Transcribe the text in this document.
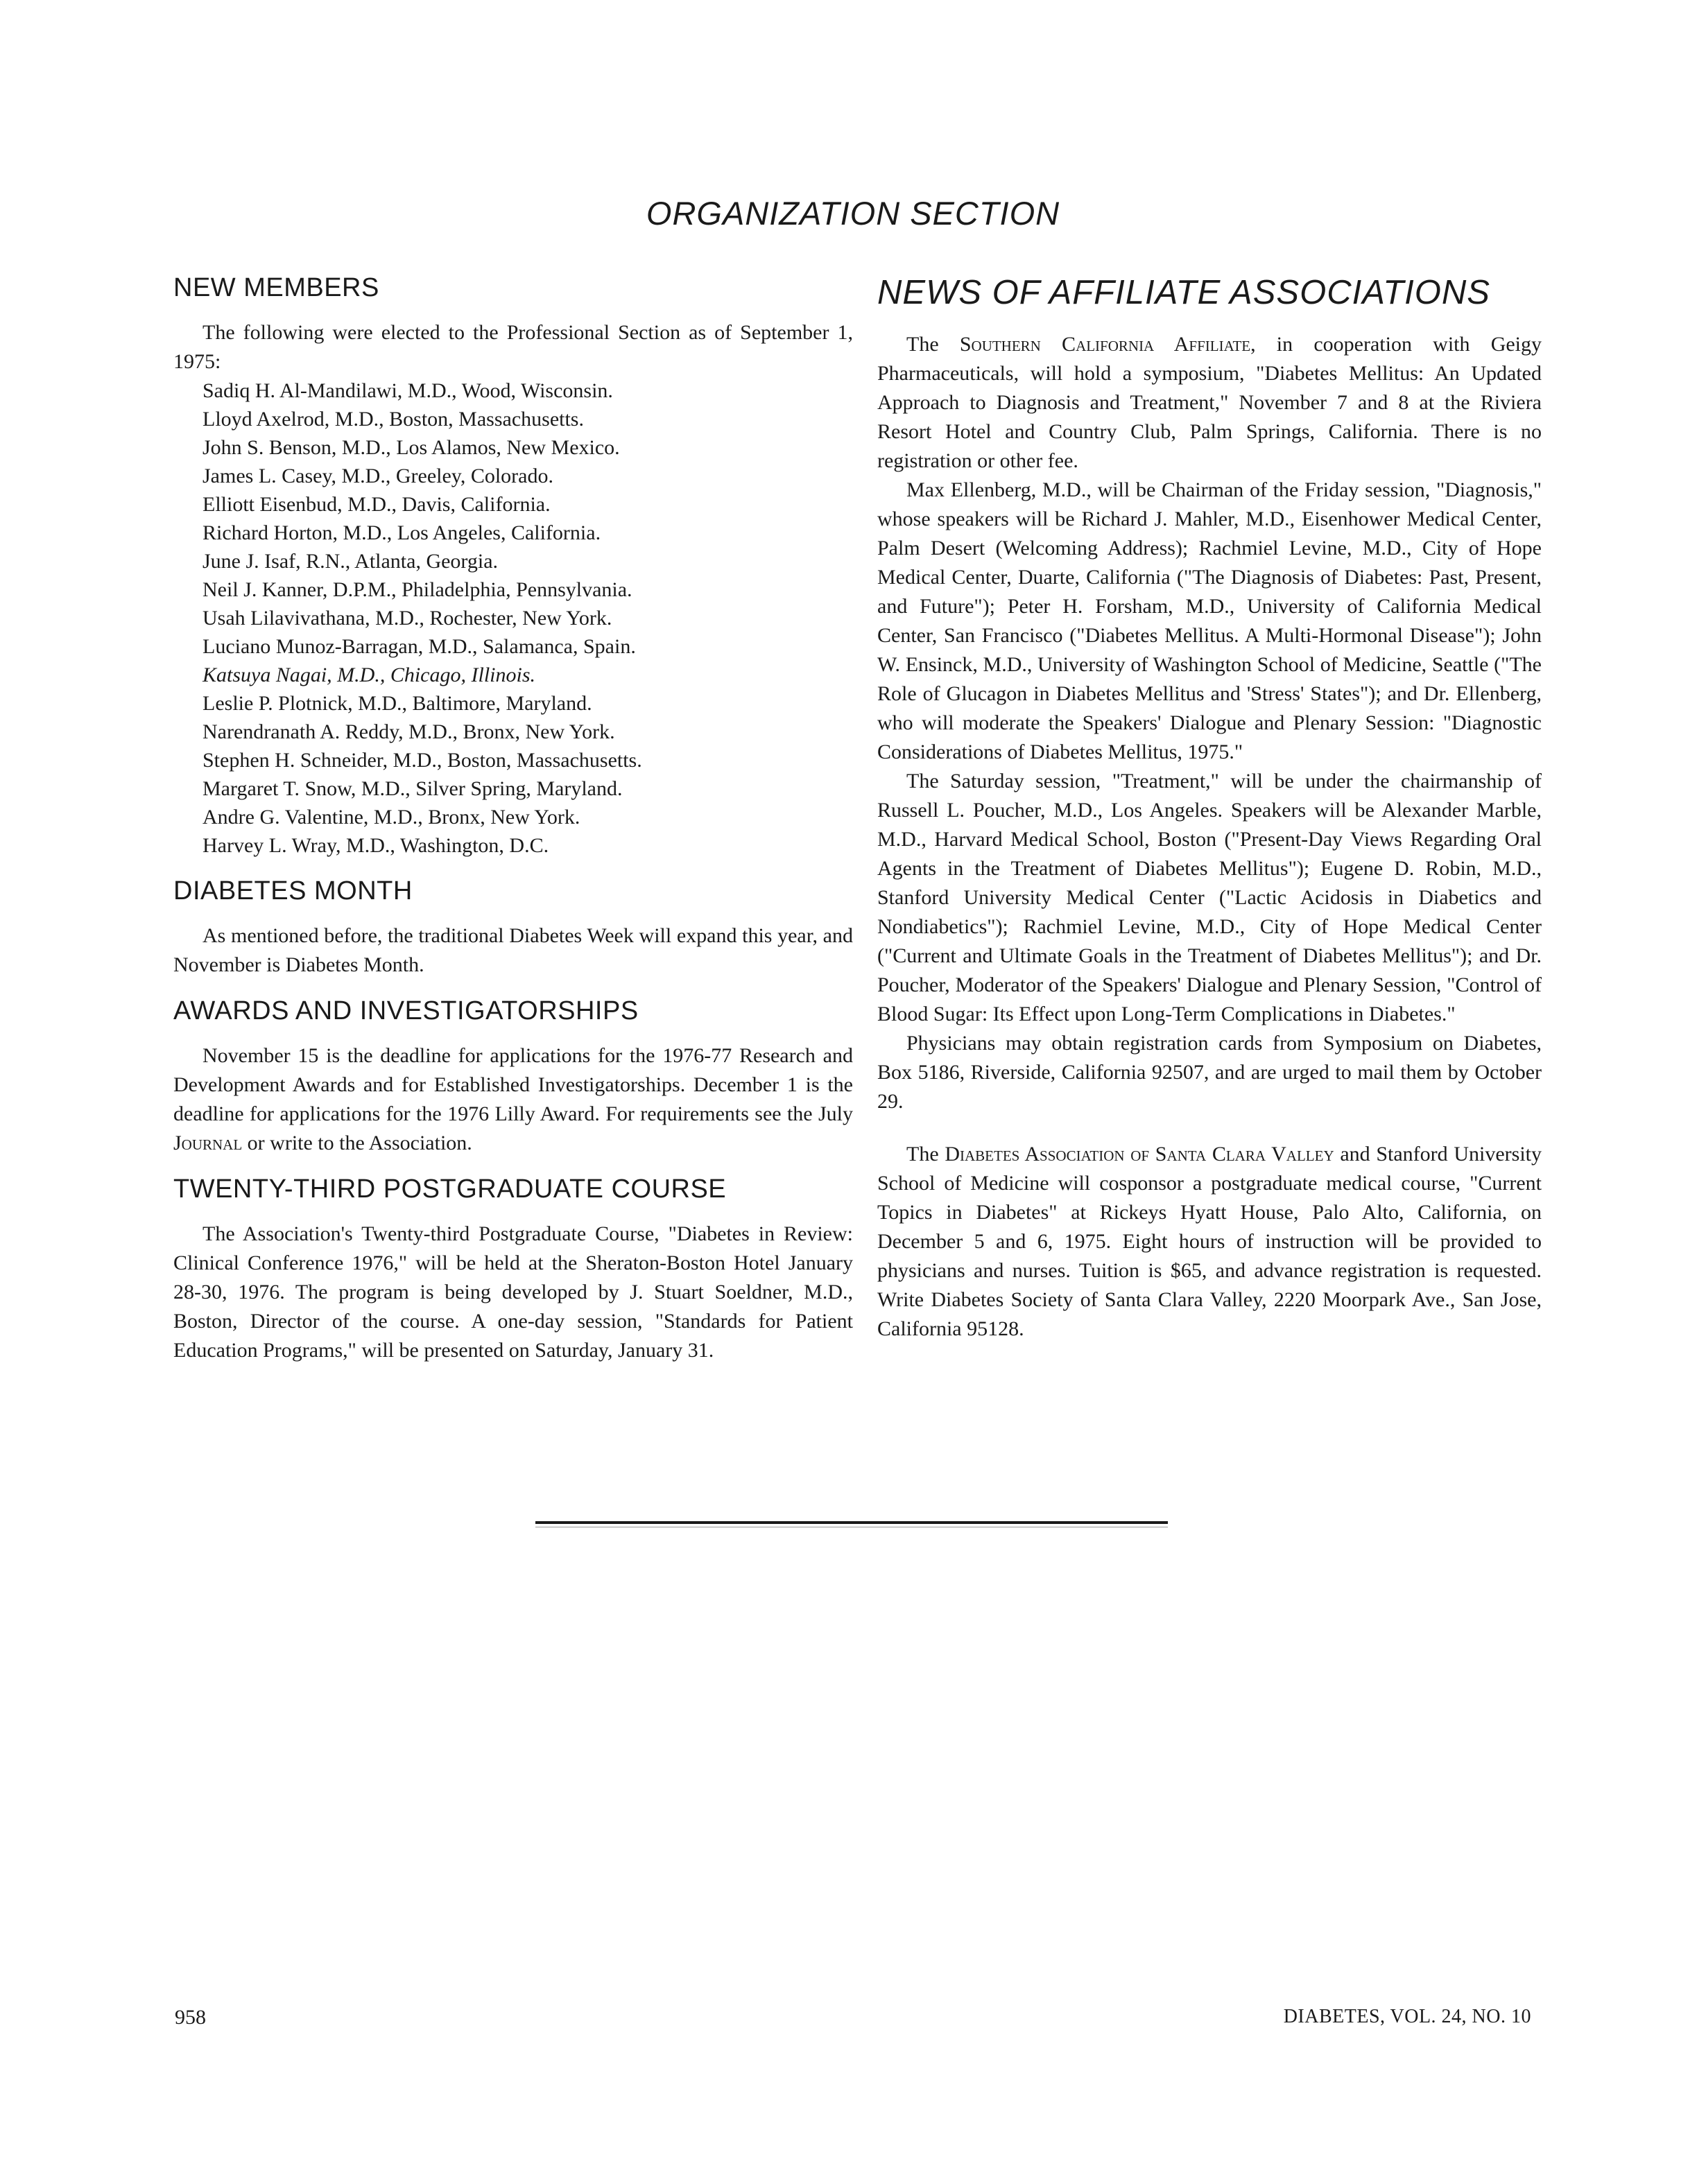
ORGANIZATION SECTION
NEW MEMBERS

The following were elected to the Professional Section as of September 1, 1975:

Sadiq H. Al-Mandilawi, M.D., Wood, Wisconsin.
Lloyd Axelrod, M.D., Boston, Massachusetts.
John S. Benson, M.D., Los Alamos, New Mexico.
James L. Casey, M.D., Greeley, Colorado.
Elliott Eisenbud, M.D., Davis, California.
Richard Horton, M.D., Los Angeles, California.
June J. Isaf, R.N., Atlanta, Georgia.
Neil J. Kanner, D.P.M., Philadelphia, Pennsylvania.
Usah Lilavivathana, M.D., Rochester, New York.
Luciano Munoz-Barragan, M.D., Salamanca, Spain.
Katsuya Nagai, M.D., Chicago, Illinois.
Leslie P. Plotnick, M.D., Baltimore, Maryland.
Narendranath A. Reddy, M.D., Bronx, New York.
Stephen H. Schneider, M.D., Boston, Massachusetts.
Margaret T. Snow, M.D., Silver Spring, Maryland.
Andre G. Valentine, M.D., Bronx, New York.
Harvey L. Wray, M.D., Washington, D.C.
DIABETES MONTH

As mentioned before, the traditional Diabetes Week will expand this year, and November is Diabetes Month.

AWARDS AND INVESTIGATORSHIPS

November 15 is the deadline for applications for the 1976-77 Research and Development Awards and for Established Investigatorships. December 1 is the deadline for applications for the 1976 Lilly Award. For requirements see the July Journal or write to the Association.

TWENTY-THIRD POSTGRADUATE COURSE

The Association's Twenty-third Postgraduate Course, "Diabetes in Review: Clinical Conference 1976," will be held at the Sheraton-Boston Hotel January 28-30, 1976. The program is being developed by J. Stuart Soeldner, M.D., Boston, Director of the course. A one-day session, "Standards for Patient Education Programs," will be presented on Saturday, January 31.

NEWS OF AFFILIATE ASSOCIATIONS

The Southern California Affiliate, in cooperation with Geigy Pharmaceuticals, will hold a symposium, "Diabetes Mellitus: An Updated Approach to Diagnosis and Treatment," November 7 and 8 at the Riviera Resort Hotel and Country Club, Palm Springs, California. There is no registration or other fee.

Max Ellenberg, M.D., will be Chairman of the Friday session, "Diagnosis," whose speakers will be Richard J. Mahler, M.D., Eisenhower Medical Center, Palm Desert (Welcoming Address); Rachmiel Levine, M.D., City of Hope Medical Center, Duarte, California ("The Diagnosis of Diabetes: Past, Present, and Future"); Peter H. Forsham, M.D., University of California Medical Center, San Francisco ("Diabetes Mellitus. A Multi-Hormonal Disease"); John W. Ensinck, M.D., University of Washington School of Medicine, Seattle ("The Role of Glucagon in Diabetes Mellitus and 'Stress' States"); and Dr. Ellenberg, who will moderate the Speakers' Dialogue and Plenary Session: "Diagnostic Considerations of Diabetes Mellitus, 1975."

The Saturday session, "Treatment," will be under the chairmanship of Russell L. Poucher, M.D., Los Angeles. Speakers will be Alexander Marble, M.D., Harvard Medical School, Boston ("Present-Day Views Regarding Oral Agents in the Treatment of Diabetes Mellitus"); Eugene D. Robin, M.D., Stanford University Medical Center ("Lactic Acidosis in Diabetics and Nondiabetics"); Rachmiel Levine, M.D., City of Hope Medical Center ("Current and Ultimate Goals in the Treatment of Diabetes Mellitus"); and Dr. Poucher, Moderator of the Speakers' Dialogue and Plenary Session, "Control of Blood Sugar: Its Effect upon Long-Term Complications in Diabetes."

Physicians may obtain registration cards from Symposium on Diabetes, Box 5186, Riverside, California 92507, and are urged to mail them by October 29.

The Diabetes Association of Santa Clara Valley and Stanford University School of Medicine will cosponsor a postgraduate medical course, "Current Topics in Diabetes" at Rickeys Hyatt House, Palo Alto, California, on December 5 and 6, 1975. Eight hours of instruction will be provided to physicians and nurses. Tuition is $65, and advance registration is requested. Write Diabetes Society of Santa Clara Valley, 2220 Moorpark Ave., San Jose, California 95128.

958	DIABETES, VOL. 24, NO. 10
